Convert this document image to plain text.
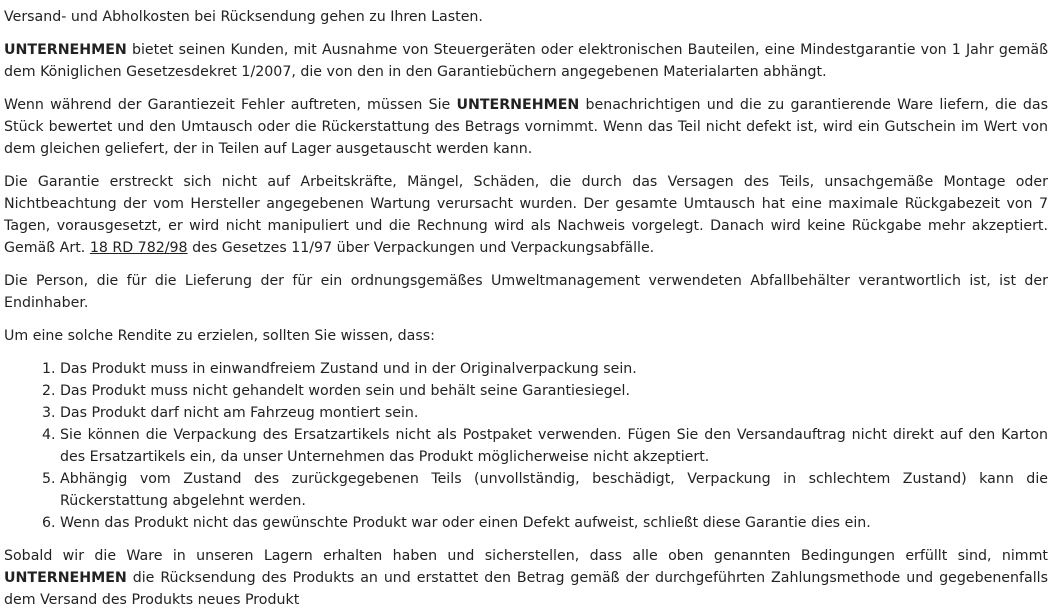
Versand- und Abholkosten bei Rücksendung gehen zu Ihren Lasten.

UNTERNEHMEN bietet seinen Kunden, mit Ausnahme von Steuergeräten oder elektronischen Bauteilen, eine Mindestgarantie von 1 Jahr gemäß dem Königlichen Gesetzesdekret 1/2007, die von den in den Garantiebüchern angegebenen Materialarten abhängt.

Wenn während der Garantiezeit Fehler auftreten, müssen Sie UNTERNEHMEN benachrichtigen und die zu garantierende Ware liefern, die das Stück bewertet und den Umtausch oder die Rückerstattung des Betrags vornimmt. Wenn das Teil nicht defekt ist, wird ein Gutschein im Wert von dem gleichen geliefert, der in Teilen auf Lager ausgetauscht werden kann.

Die Garantie erstreckt sich nicht auf Arbeitskräfte, Mängel, Schäden, die durch das Versagen des Teils, unsachgemäße Montage oder Nichtbeachtung der vom Hersteller angegebenen Wartung verursacht wurden. Der gesamte Umtausch hat eine maximale Rückgabezeit von 7 Tagen, vorausgesetzt, er wird nicht manipuliert und die Rechnung wird als Nachweis vorgelegt. Danach wird keine Rückgabe mehr akzeptiert. Gemäß Art. 18 RD 782/98 des Gesetzes 11/97 über Verpackungen und Verpackungsabfälle.

Die Person, die für die Lieferung der für ein ordnungsgemäßes Umweltmanagement verwendeten Abfallbehälter verantwortlich ist, ist der Endinhaber.

Um eine solche Rendite zu erzielen, sollten Sie wissen, dass:

1. Das Produkt muss in einwandfreiem Zustand und in der Originalverpackung sein.
2. Das Produkt muss nicht gehandelt worden sein und behält seine Garantiesiegel.
3. Das Produkt darf nicht am Fahrzeug montiert sein.
4. Sie können die Verpackung des Ersatzartikels nicht als Postpaket verwenden. Fügen Sie den Versandauftrag nicht direkt auf den Karton des Ersatzartikels ein, da unser Unternehmen das Produkt möglicherweise nicht akzeptiert.
5. Abhängig vom Zustand des zurückgegebenen Teils (unvollständig, beschädigt, Verpackung in schlechtem Zustand) kann die Rückerstattung abgelehnt werden.
6. Wenn das Produkt nicht das gewünschte Produkt war oder einen Defekt aufweist, schließt diese Garantie dies ein.

Sobald wir die Ware in unseren Lagern erhalten haben und sicherstellen, dass alle oben genannten Bedingungen erfüllt sind, nimmt UNTERNEHMEN die Rücksendung des Produkts an und erstattet den Betrag gemäß der durchgeführten Zahlungsmethode und gegebenenfalls dem Versand des Produkts neues Produkt
